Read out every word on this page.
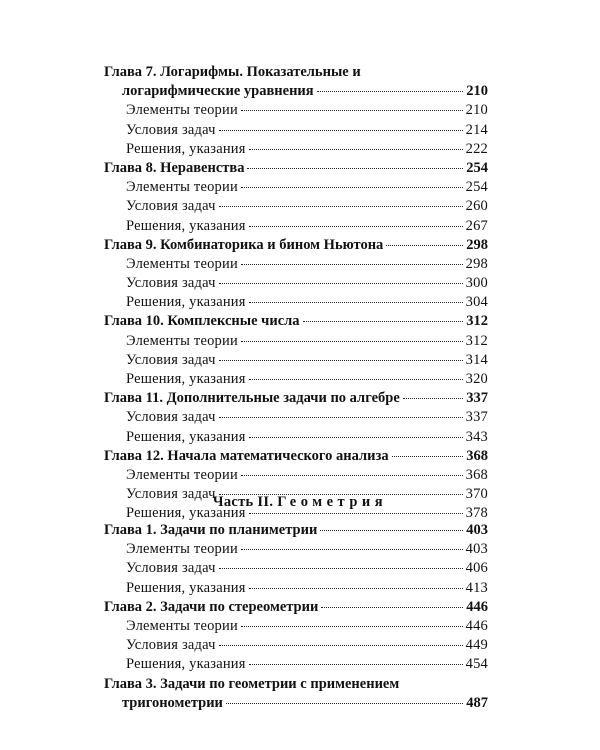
Глава 7. Логарифмы. Показательные и
логарифмические уравнения	210
Элементы теории	210
Условия задач	214
Решения, указания	222
Глава 8. Неравенства	254
Элементы теории	254
Условия задач	260
Решения, указания	267
Глава 9. Комбинаторика и бином Ньютона	298
Элементы теории	298
Условия задач	300
Решения, указания	304
Глава 10. Комплексные числа	312
Элементы теории	312
Условия задач	314
Решения, указания	320
Глава 11. Дополнительные задачи по алгебре	337
Условия задач	337
Решения, указания	343
Глава 12. Начала математического анализа	368
Элементы теории	368
Условия задач	370
Решения, указания	378
Часть II. Геометрия
Глава 1. Задачи по планиметрии	403
Элементы теории	403
Условия задач	406
Решения, указания	413
Глава 2. Задачи по стереометрии	446
Элементы теории	446
Условия задач	449
Решения, указания	454
Глава 3. Задачи по геометрии с применением
тригонометрии	487
